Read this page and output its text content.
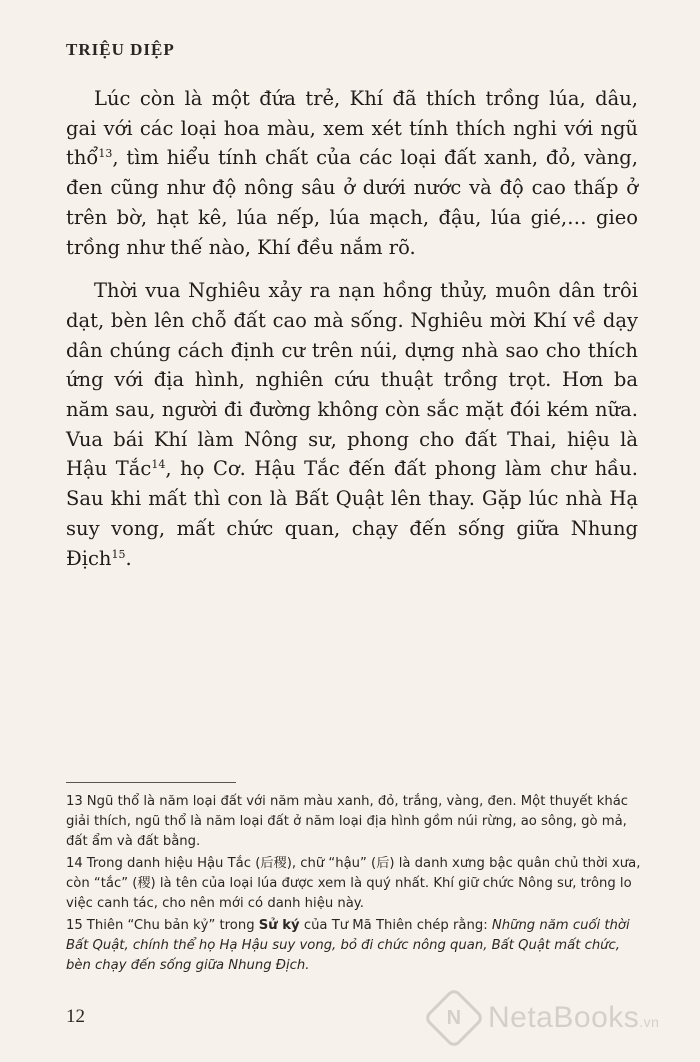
TRIỆU DIỆP

Lúc còn là một đứa trẻ, Khí đã thích trồng lúa, dâu, gai với các loại hoa màu, xem xét tính thích nghi với ngũ thổ$^{13}$, tìm hiểu tính chất của các loại đất xanh, đỏ, vàng, đen cũng như độ nông sâu ở dưới nước và độ cao thấp ở trên bờ, hạt kê, lúa nếp, lúa mạch, đậu, lúa gié,… gieo trồng như thế nào, Khí đều nắm rõ.

Thời vua Nghiêu xảy ra nạn hồng thủy, muôn dân trôi dạt, bèn lên chỗ đất cao mà sống. Nghiêu mời Khí về dạy dân chúng cách định cư trên núi, dựng nhà sao cho thích ứng với địa hình, nghiên cứu thuật trồng trọt. Hơn ba năm sau, người đi đường không còn sắc mặt đói kém nữa. Vua bái Khí làm Nông sư, phong cho đất Thai, hiệu là Hậu Tắc$^{14}$, họ Cơ. Hậu Tắc đến đất phong làm chư hầu. Sau khi mất thì con là Bất Quật lên thay. Gặp lúc nhà Hạ suy vong, mất chức quan, chạy đến sống giữa Nhung Địch$^{15}$.

13 Ngũ thổ là năm loại đất với năm màu xanh, đỏ, trắng, vàng, đen. Một thuyết khác giải thích, ngũ thổ là năm loại đất ở năm loại địa hình gồm núi rừng, ao sông, gò mả, đất ẩm và đất bằng.
14 Trong danh hiệu Hậu Tắc (后稷), chữ “hậu” (后) là danh xưng bậc quân chủ thời xưa, còn “tắc” (稷) là tên của loại lúa được xem là quý nhất. Khí giữ chức Nông sư, trông lo việc canh tác, cho nên mới có danh hiệu này.
15 Thiên “Chu bản kỷ” trong Sử ký của Tư Mã Thiên chép rằng: Những năm cuối thời Bất Quật, chính thể họ Hạ Hậu suy vong, bỏ đi chức nông quan, Bất Quật mất chức, bèn chạy đến sống giữa Nhung Địch.
12	N NetaBooks.vn
